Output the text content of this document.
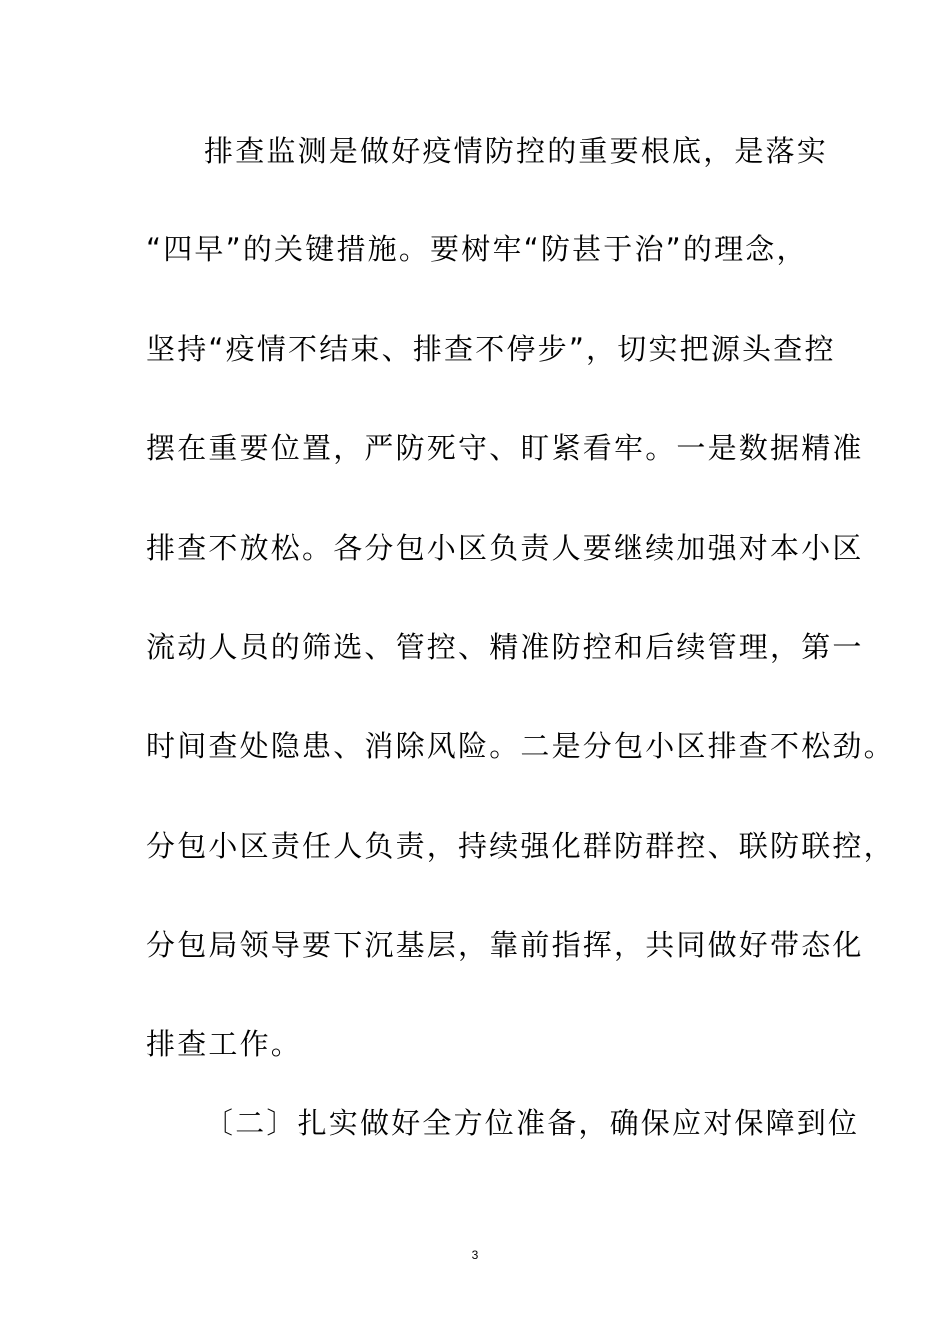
排查监测是做好疫情防控的重要根底，是落实
“四早”的关键措施。要树牢“防甚于治”的理念，
坚持“疫情不结束、排查不停步”，切实把源头查控
摆在重要位置，严防死守、盯紧看牢。一是数据精准
排查不放松。各分包小区负责人要继续加强对本小区
流动人员的筛选、管控、精准防控和后续管理，第一
时间查处隐患、消除风险。二是分包小区排查不松劲。
分包小区责任人负责，持续强化群防群控、联防联控，
分包局领导要下沉基层，靠前指挥，共同做好带态化
排查工作。
〔二〕扎实做好全方位准备，确保应对保障到位
3
